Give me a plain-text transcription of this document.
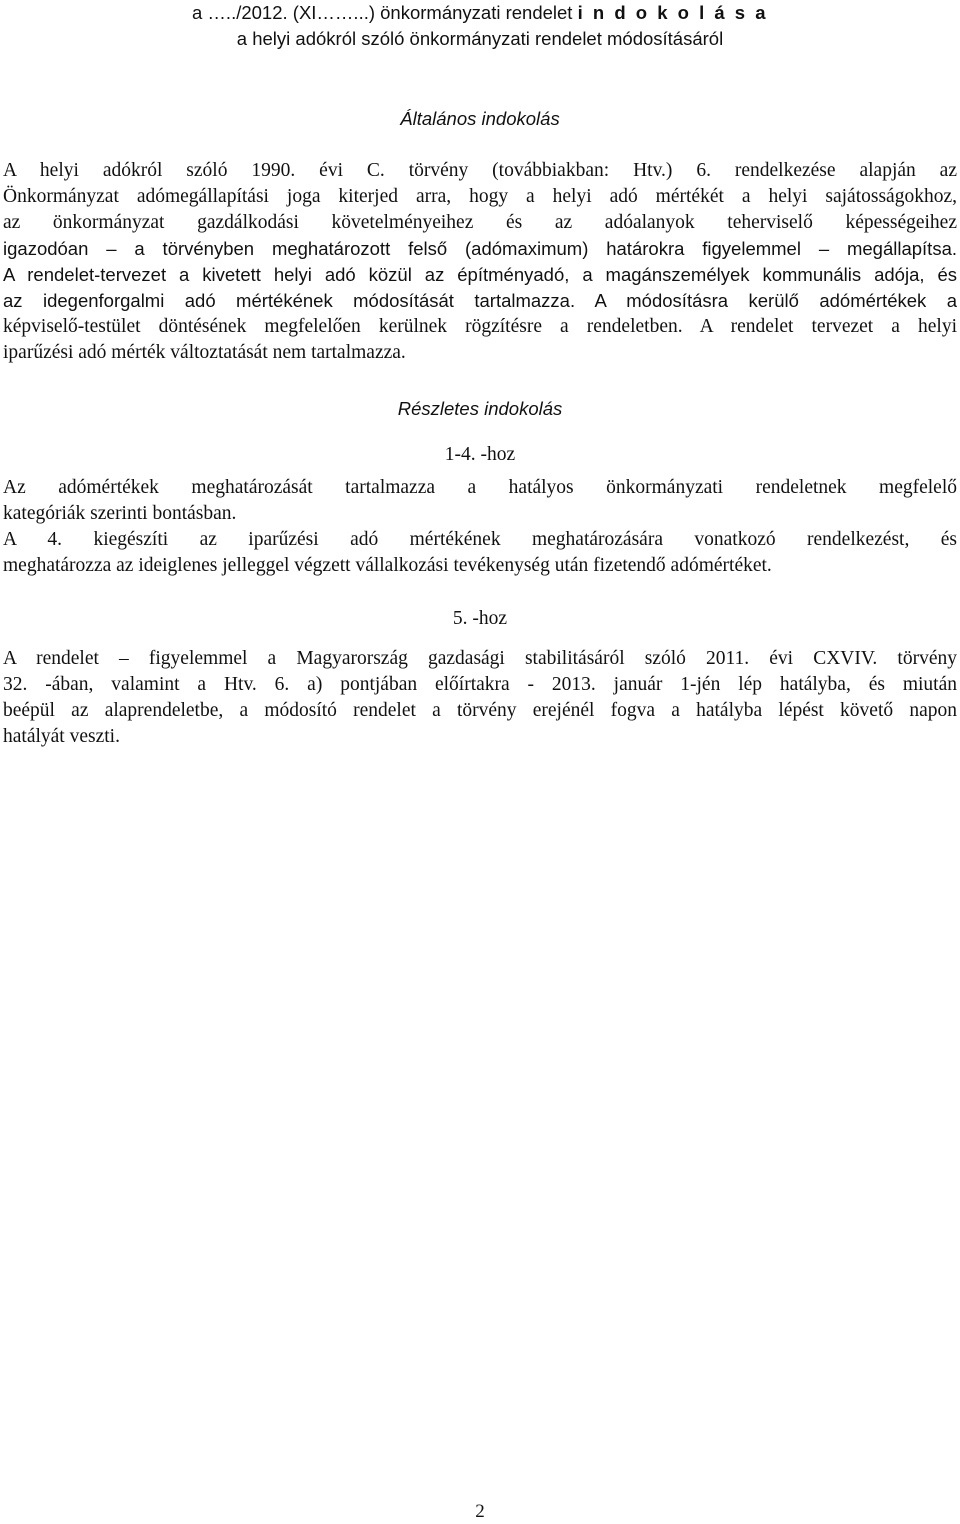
a …../2012. (XI……...) önkormányzati rendelet i n d o k o l á s a
a helyi adókról szóló önkormányzati rendelet módosításáról
Általános indokolás
A helyi adókról szóló 1990. évi C. törvény (továbbiakban: Htv.) 6. rendelkezése alapján az
Önkormányzat adómegállapítási joga kiterjed arra, hogy a helyi adó mértékét a helyi sajátosságokhoz,
az önkormányzat gazdálkodási követelményeihez és az adóalanyok teherviselő képességeihez
igazodóan – a törvényben meghatározott felső (adómaximum) határokra figyelemmel – megállapítsa.
A rendelet-tervezet a kivetett helyi adó közül az építményadó, a magánszemélyek kommunális adója, és
az idegenforgalmi adó mértékének módosítását tartalmazza. A módosításra kerülő adómértékek a
képviselő-testület döntésének megfelelően kerülnek rögzítésre a rendeletben. A rendelet tervezet a helyi
iparűzési adó mérték változtatását nem tartalmazza.
Részletes indokolás
1-4. -hoz
Az adómértékek meghatározását tartalmazza a hatályos önkormányzati rendeletnek megfelelő
kategóriák szerinti bontásban.
A 4. kiegészíti az iparűzési adó mértékének meghatározására vonatkozó rendelkezést, és
meghatározza az ideiglenes jelleggel végzett vállalkozási tevékenység után fizetendő adómértéket.
5. -hoz
A rendelet – figyelemmel a Magyarország gazdasági stabilitásáról szóló 2011. évi CXVIV. törvény
32. -ában, valamint a Htv. 6. a) pontjában előírtakra - 2013. január 1-jén lép hatályba, és miután
beépül az alaprendeletbe, a módosító rendelet a törvény erejénél fogva a hatályba lépést követő napon
hatályát veszti.
2
